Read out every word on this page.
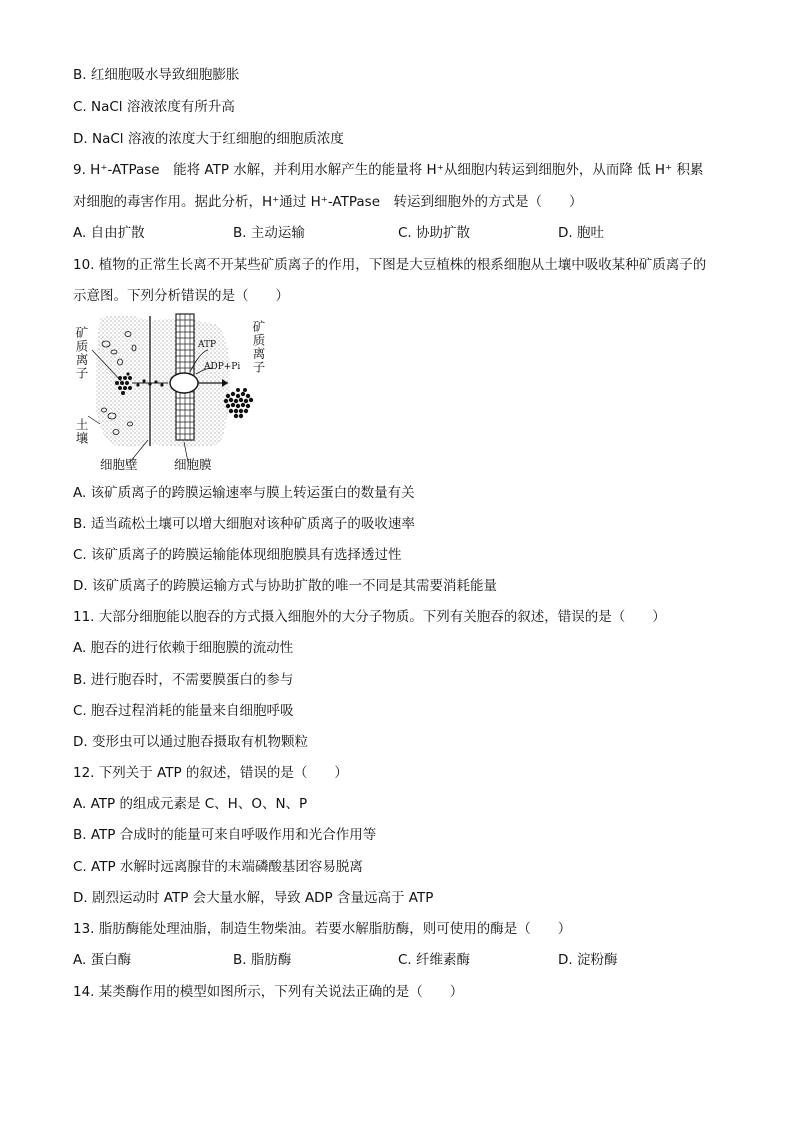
B. 红细胞吸水导致细胞膨胀
C. NaCl 溶液浓度有所升高
D. NaCl 溶液的浓度大于红细胞的细胞质浓度
9. H⁺-ATPase　能将 ATP 水解，并利用水解产生的能量将 H⁺从细胞内转运到细胞外，从而降 低 H⁺ 积累
对细胞的毒害作用。据此分析，H⁺通过 H⁺-ATPase　转运到细胞外的方式是（　　）
A. 自由扩散	B. 主动运输	C. 协助扩散	D. 胞吐
10. 植物的正常生长离不开某些矿质离子的作用，下图是大豆植株的根系细胞从土壤中吸收某种矿质离子的
示意图。下列分析错误的是（　　）
矿质离子	矿质离子
土壤
ATP
ADP+Pi
细胞壁	细胞膜
A. 该矿质离子的跨膜运输速率与膜上转运蛋白的数量有关
B. 适当疏松土壤可以增大细胞对该种矿质离子的吸收速率
C. 该矿质离子的跨膜运输能体现细胞膜具有选择透过性
D. 该矿质离子的跨膜运输方式与协助扩散的唯一不同是其需要消耗能量
11. 大部分细胞能以胞吞的方式摄入细胞外的大分子物质。下列有关胞吞的叙述，错误的是（　　）
A. 胞吞的进行依赖于细胞膜的流动性
B. 进行胞吞时，不需要膜蛋白的参与
C. 胞吞过程消耗的能量来自细胞呼吸
D. 变形虫可以通过胞吞摄取有机物颗粒
12. 下列关于 ATP 的叙述，错误的是（　　）
A. ATP 的组成元素是 C、H、O、N、P
B. ATP 合成时的能量可来自呼吸作用和光合作用等
C. ATP 水解时远离腺苷的末端磷酸基团容易脱离
D. 剧烈运动时 ATP 会大量水解，导致 ADP 含量远高于 ATP
13. 脂肪酶能处理油脂，制造生物柴油。若要水解脂肪酶，则可使用的酶是（　　）
A. 蛋白酶	B. 脂肪酶	C. 纤维素酶	D. 淀粉酶
14. 某类酶作用的模型如图所示，下列有关说法正确的是（　　）
